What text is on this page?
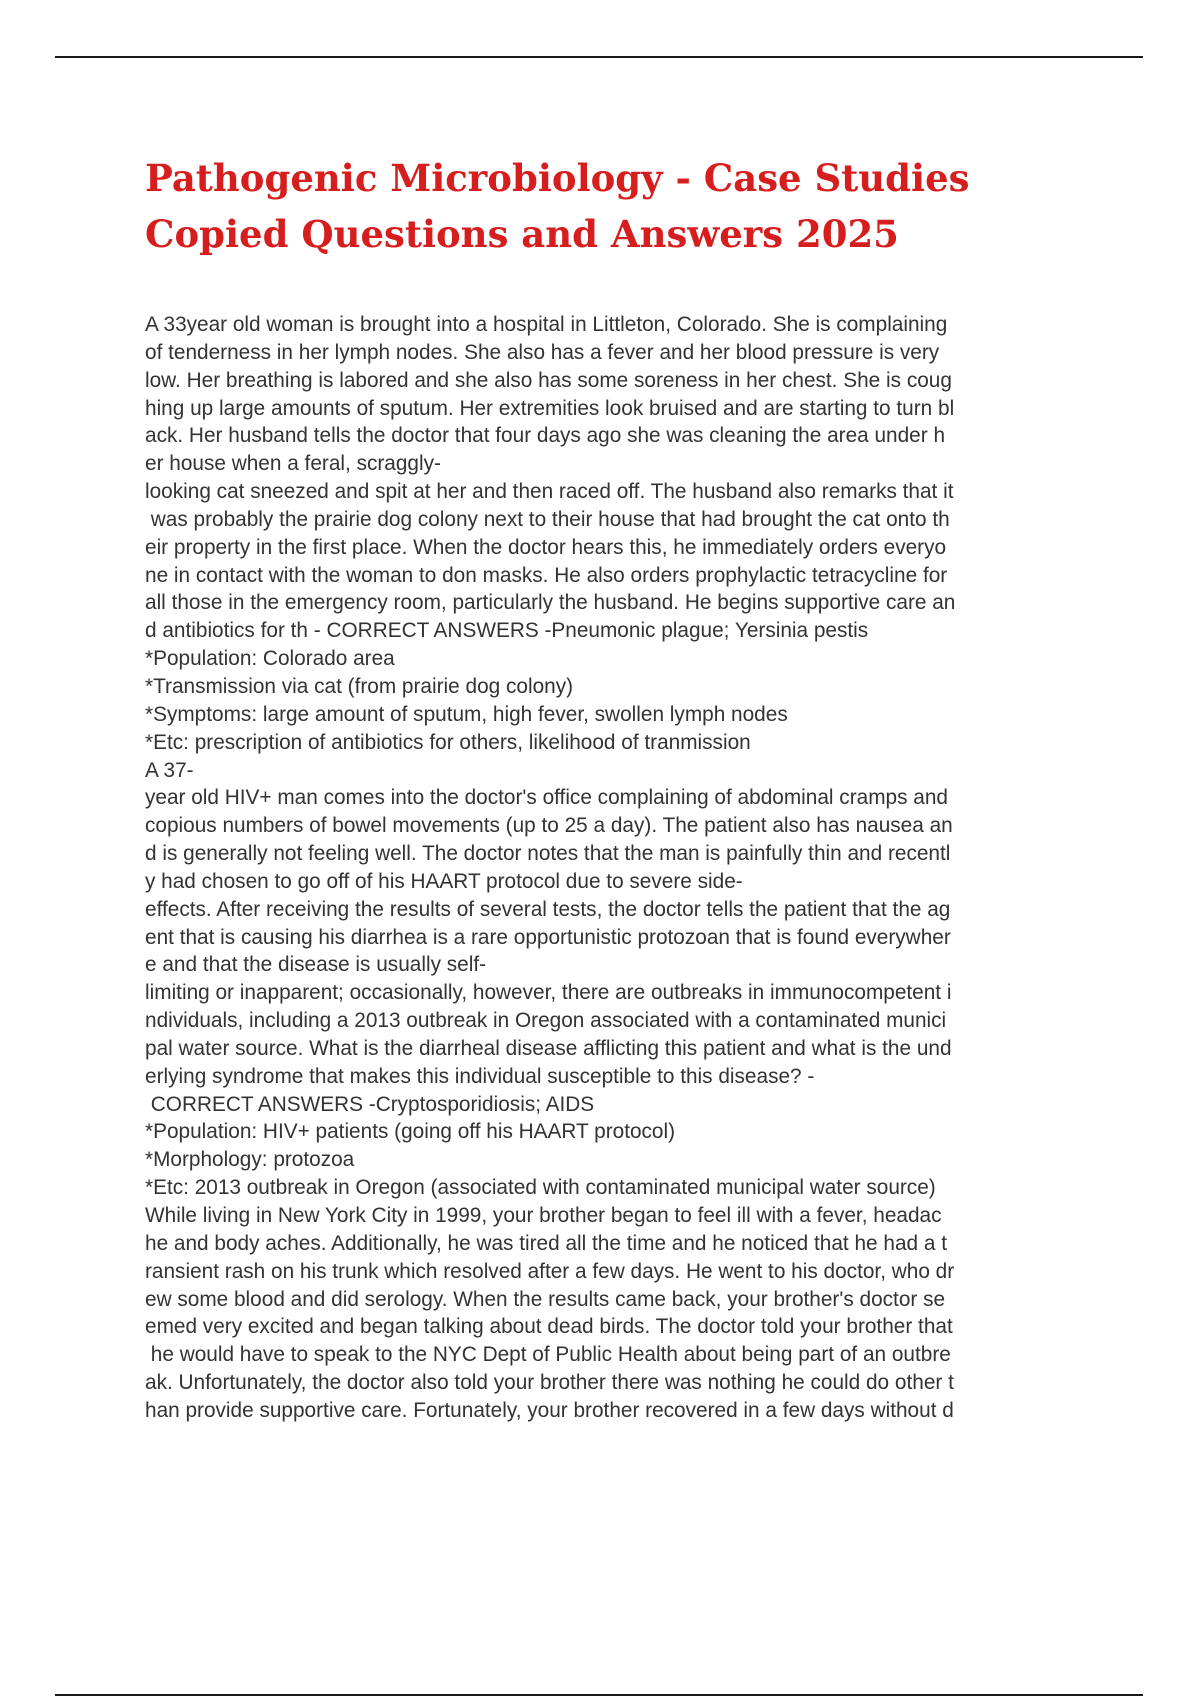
Pathogenic Microbiology - Case Studies
Copied Questions and Answers 2025
A 33year old woman is brought into a hospital in Littleton, Colorado. She is complaining
of tenderness in her lymph nodes. She also has a fever and her blood pressure is very
low. Her breathing is labored and she also has some soreness in her chest. She is coug
hing up large amounts of sputum. Her extremities look bruised and are starting to turn bl
ack. Her husband tells the doctor that four days ago she was cleaning the area under h
er house when a feral, scraggly-
looking cat sneezed and spit at her and then raced off. The husband also remarks that it
was probably the prairie dog colony next to their house that had brought the cat onto th
eir property in the first place. When the doctor hears this, he immediately orders everyo
ne in contact with the woman to don masks. He also orders prophylactic tetracycline for
all those in the emergency room, particularly the husband. He begins supportive care an
d antibiotics for th - CORRECT ANSWERS -Pneumonic plague; Yersinia pestis
*Population: Colorado area
*Transmission via cat (from prairie dog colony)
*Symptoms: large amount of sputum, high fever, swollen lymph nodes
*Etc: prescription of antibiotics for others, likelihood of tranmission
A 37-
year old HIV+ man comes into the doctor's office complaining of abdominal cramps and
copious numbers of bowel movements (up to 25 a day). The patient also has nausea an
d is generally not feeling well. The doctor notes that the man is painfully thin and recentl
y had chosen to go off of his HAART protocol due to severe side-
effects. After receiving the results of several tests, the doctor tells the patient that the ag
ent that is causing his diarrhea is a rare opportunistic protozoan that is found everywher
e and that the disease is usually self-
limiting or inapparent; occasionally, however, there are outbreaks in immunocompetent i
ndividuals, including a 2013 outbreak in Oregon associated with a contaminated munici
pal water source. What is the diarrheal disease afflicting this patient and what is the und
erlying syndrome that makes this individual susceptible to this disease? -
CORRECT ANSWERS -Cryptosporidiosis; AIDS
*Population: HIV+ patients (going off his HAART protocol)
*Morphology: protozoa
*Etc: 2013 outbreak in Oregon (associated with contaminated municipal water source)
While living in New York City in 1999, your brother began to feel ill with a fever, headac
he and body aches. Additionally, he was tired all the time and he noticed that he had a t
ransient rash on his trunk which resolved after a few days. He went to his doctor, who dr
ew some blood and did serology. When the results came back, your brother's doctor se
emed very excited and began talking about dead birds. The doctor told your brother that
he would have to speak to the NYC Dept of Public Health about being part of an outbre
ak. Unfortunately, the doctor also told your brother there was nothing he could do other t
han provide supportive care. Fortunately, your brother recovered in a few days without d
